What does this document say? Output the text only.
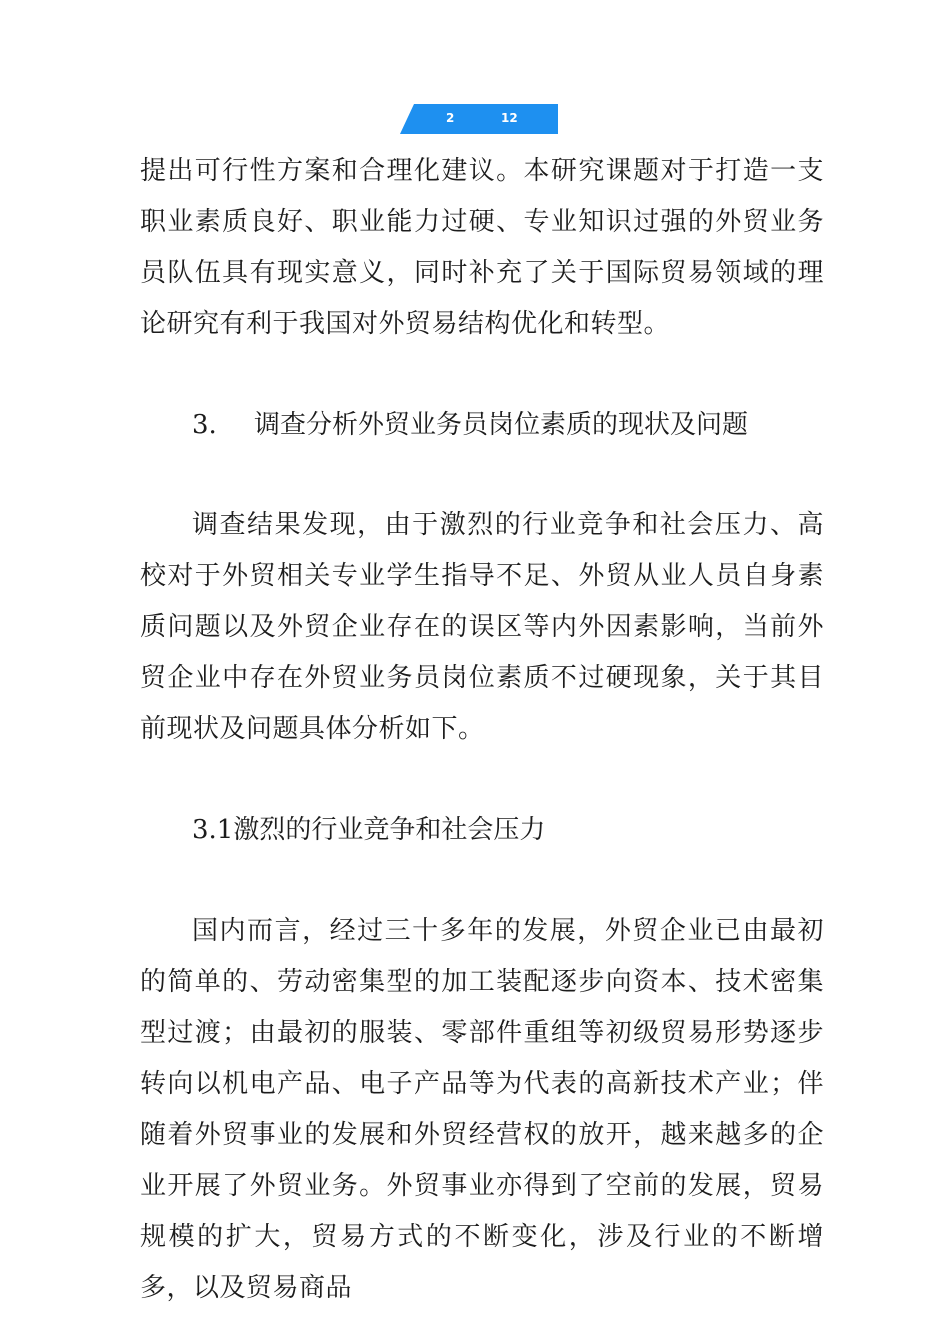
2	12

提出可行性方案和合理化建议。本研究课题对于打造一支职业素质良好、职业能力过硬、专业知识过强的外贸业务员队伍具有现实意义，同时补充了关于国际贸易领域的理论研究有利于我国对外贸易结构优化和转型。

3. 调查分析外贸业务员岗位素质的现状及问题

调查结果发现，由于激烈的行业竞争和社会压力、高校对于外贸相关专业学生指导不足、外贸从业人员自身素质问题以及外贸企业存在的误区等内外因素影响，当前外贸企业中存在外贸业务员岗位素质不过硬现象，关于其目前现状及问题具体分析如下。

3.1激烈的行业竞争和社会压力

国内而言，经过三十多年的发展，外贸企业已由最初的简单的、劳动密集型的加工装配逐步向资本、技术密集型过渡；由最初的服装、零部件重组等初级贸易形势逐步转向以机电产品、电子产品等为代表的高新技术产业；伴随着外贸事业的发展和外贸经营权的放开，越来越多的企业开展了外贸业务。外贸事业亦得到了空前的发展，贸易规模的扩大，贸易方式的不断变化，涉及行业的不断增多，以及贸易商品
